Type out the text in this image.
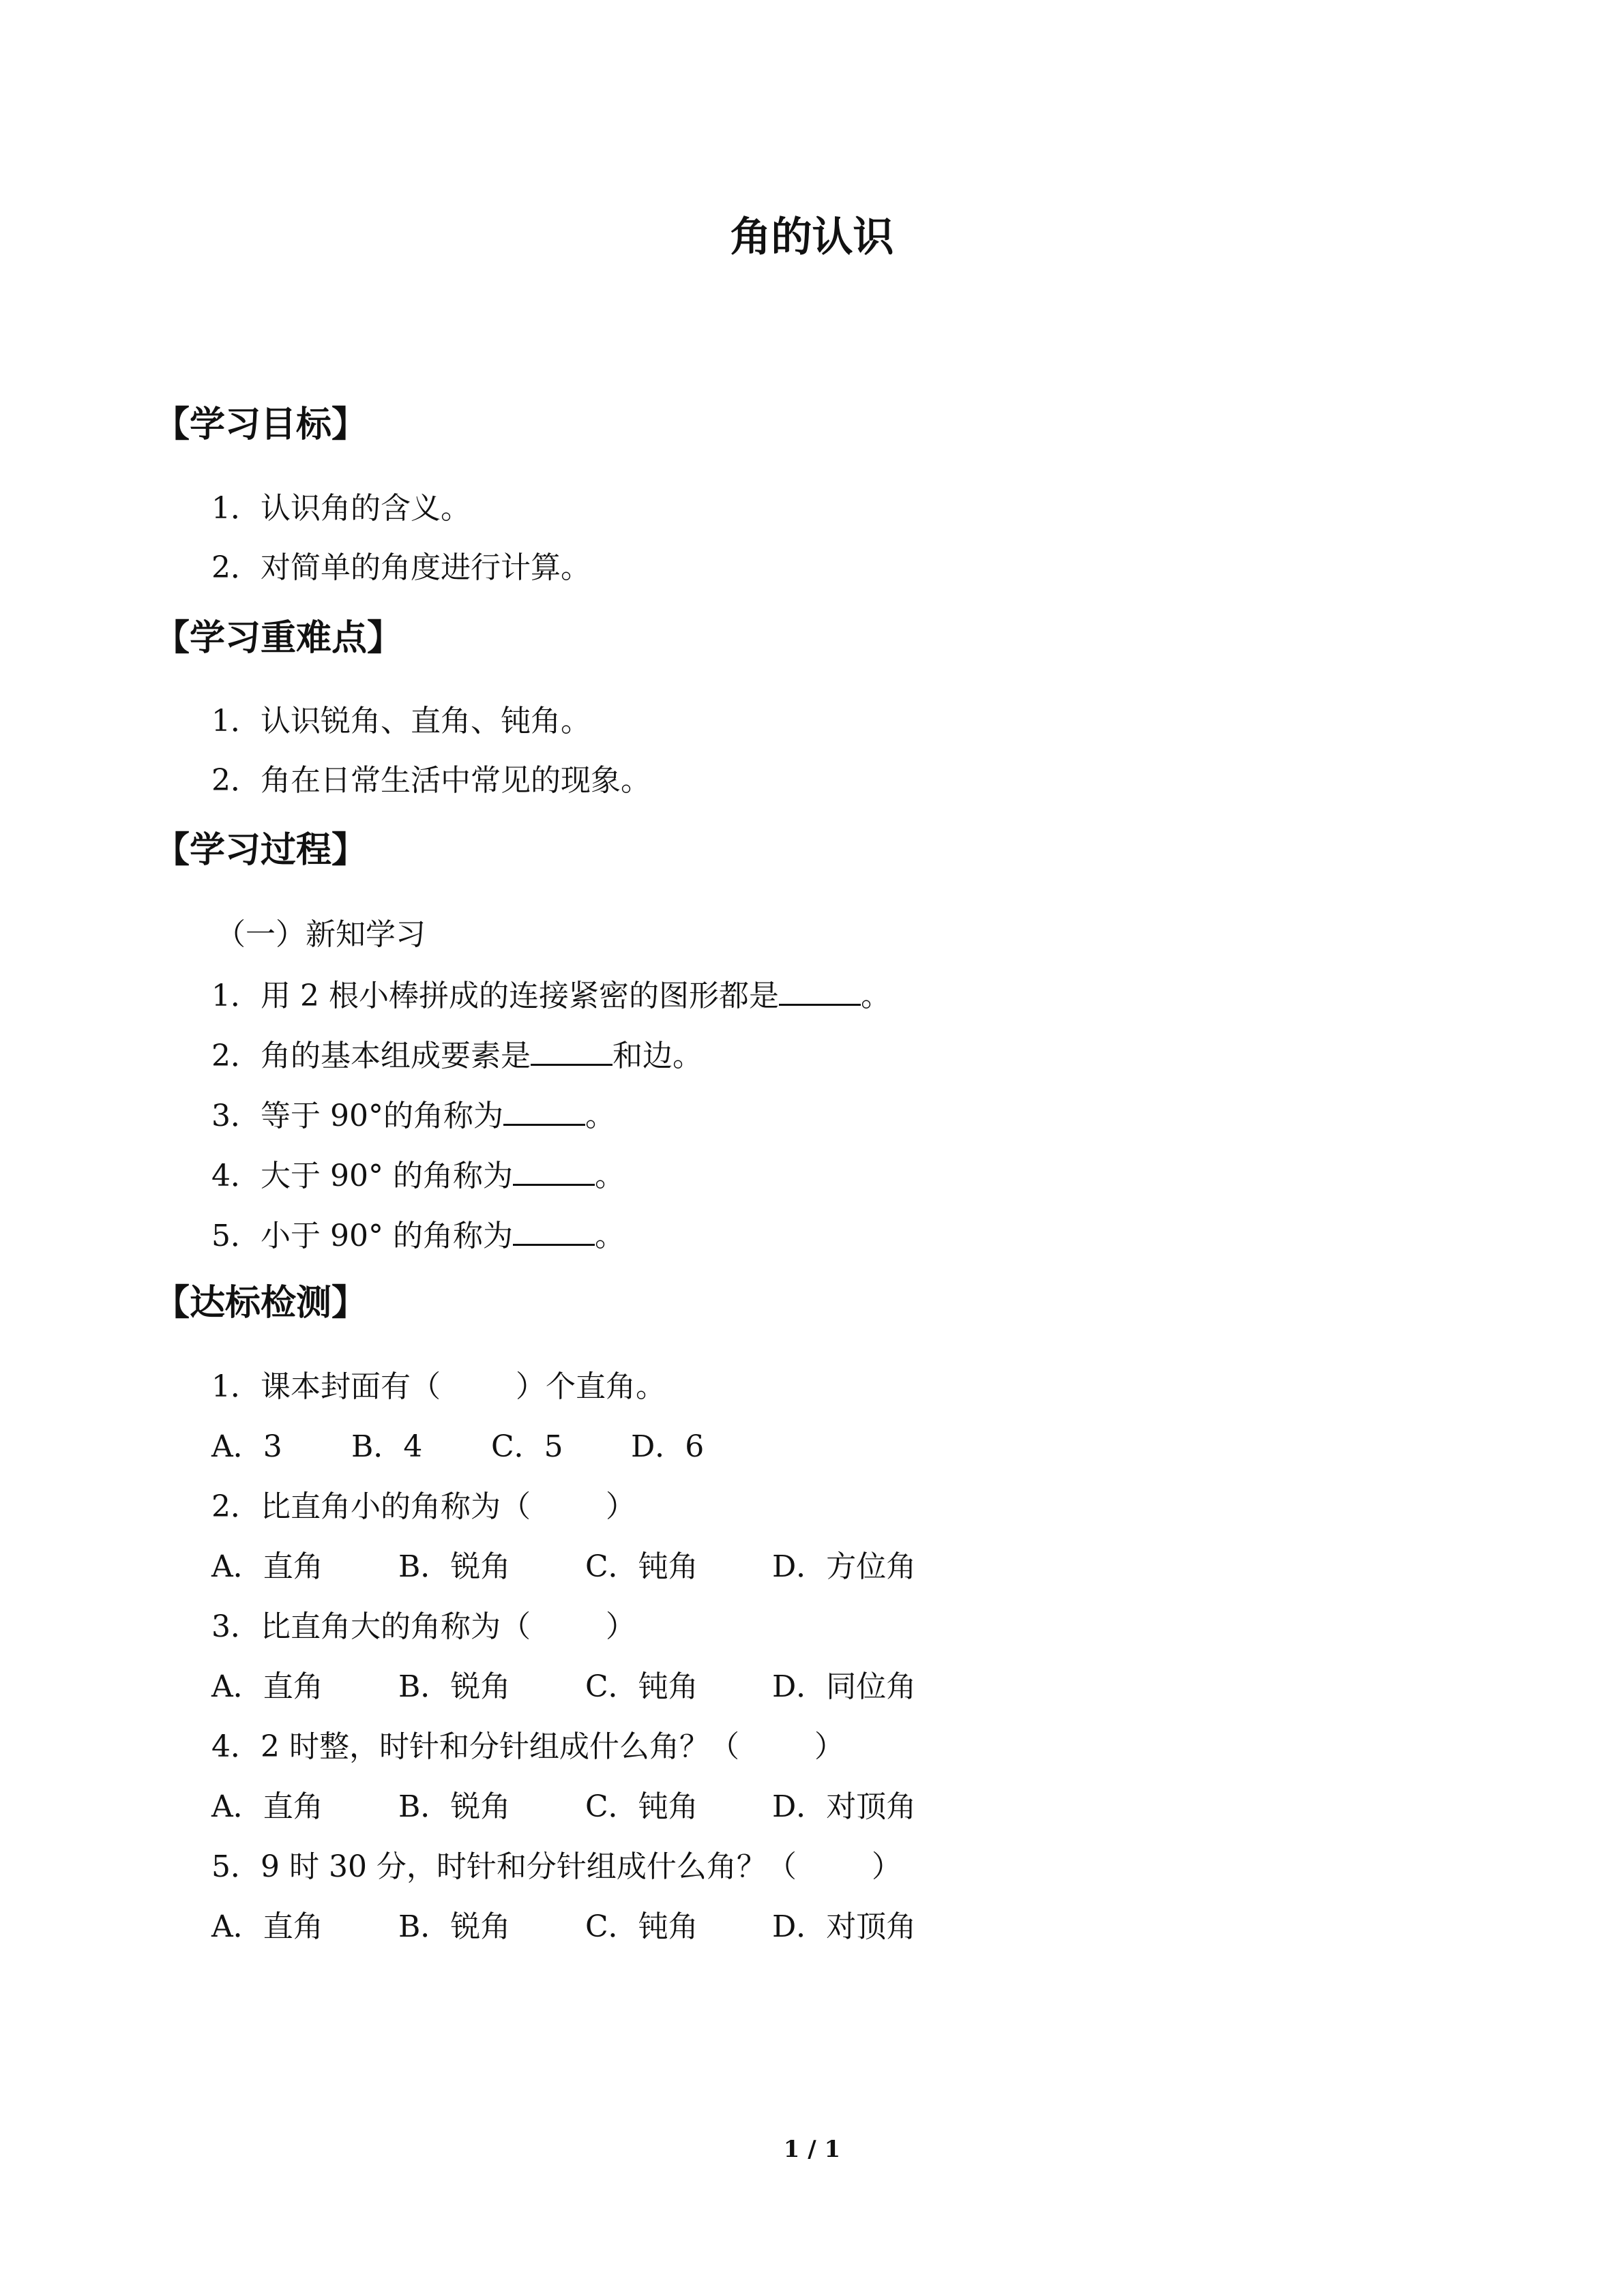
角的认识
【学习目标】
1．认识角的含义。
2．对简单的角度进行计算。
【学习重难点】
1．认识锐角、直角、钝角。
2．角在日常生活中常见的现象。
【学习过程】
（一）新知学习
1．用 2 根小棒拼成的连接紧密的图形都是	。
2．角的基本组成要素是	和边。
3．等于 90°的角称为	。
4．大于 90° 的角称为	。
5．小于 90° 的角称为	。
【达标检测】
1．课本封面有（	）个直角。
A．3 B．4 C．5 D．6
2．比直角小的角称为（	）
A．直角	B．锐角 C．钝角 D．方位角
3．比直角大的角称为（	）
A．直角	B．锐角 C．钝角 D．同位角
4．2 时整，时针和分针组成什么角？（	）
A．直角	B．锐角 C．钝角 D．对顶角
5．9 时 30 分，时针和分针组成什么角？（	）
A．直角	B．锐角 C．钝角 D．对顶角
1 / 1
